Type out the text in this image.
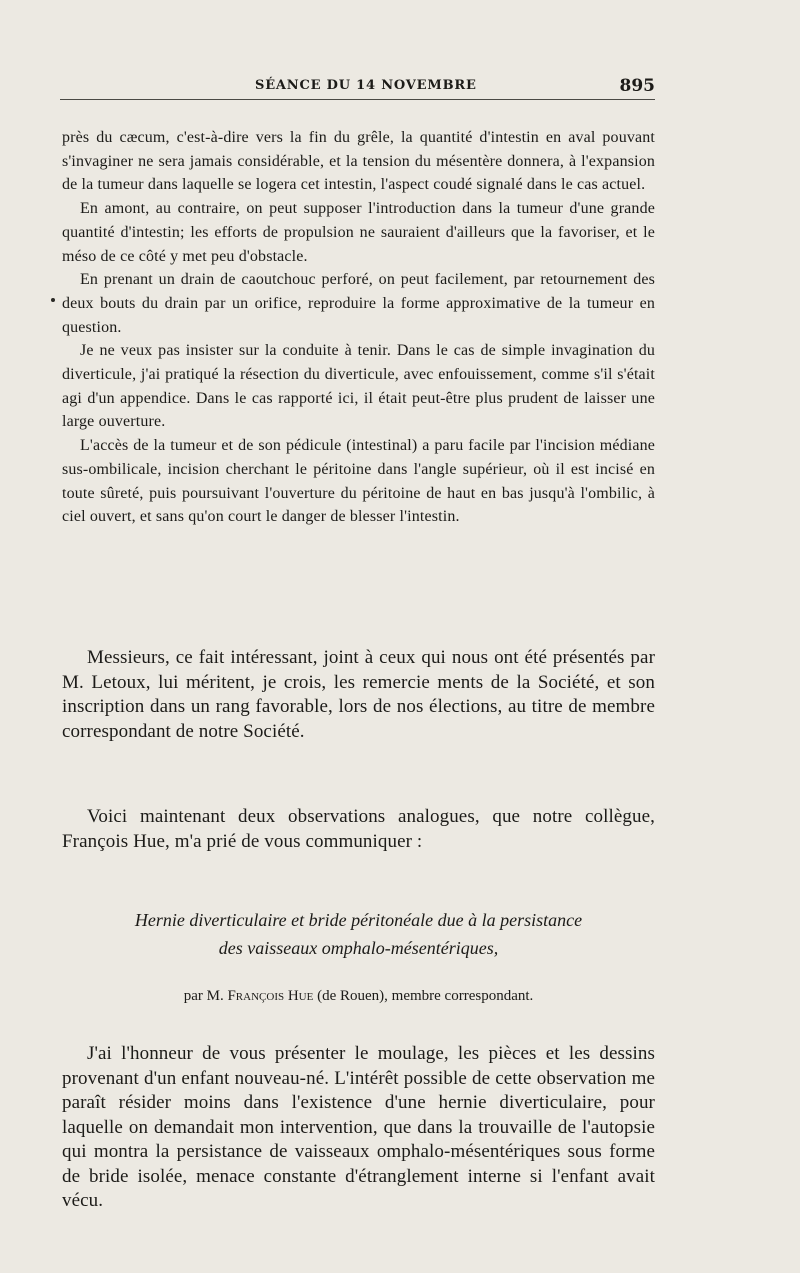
SÉANCE DU 14 NOVEMBRE	895

près du cæcum, c'est-à-dire vers la fin du grêle, la quantité d'intestin en aval pouvant s'invaginer ne sera jamais considérable, et la tension du mésentère donnera, à l'expansion de la tumeur dans laquelle se logera cet intestin, l'aspect coudé signalé dans le cas actuel.

En amont, au contraire, on peut supposer l'introduction dans la tumeur d'une grande quantité d'intestin; les efforts de propulsion ne sauraient d'ailleurs que la favoriser, et le méso de ce côté y met peu d'obstacle.

En prenant un drain de caoutchouc perforé, on peut facilement, par retournement des deux bouts du drain par un orifice, reproduire la forme approximative de la tumeur en question.

Je ne veux pas insister sur la conduite à tenir. Dans le cas de simple invagination du diverticule, j'ai pratiqué la résection du diverticule, avec enfouissement, comme s'il s'était agi d'un appendice. Dans le cas rapporté ici, il était peut-être plus prudent de laisser une large ouverture.

L'accès de la tumeur et de son pédicule (intestinal) a paru facile par l'incision médiane sus-ombilicale, incision cherchant le péritoine dans l'angle supérieur, où il est incisé en toute sûreté, puis poursuivant l'ouverture du péritoine de haut en bas jusqu'à l'ombilic, à ciel ouvert, et sans qu'on court le danger de blesser l'intestin.

Messieurs, ce fait intéressant, joint à ceux qui nous ont été présentés par M. Letoux, lui méritent, je crois, les remercie ments de la Société, et son inscription dans un rang favorable, lors de nos élections, au titre de membre correspondant de notre Société.

Voici maintenant deux observations analogues, que notre collègue, François Hue, m'a prié de vous communiquer :

Hernie diverticulaire et bride péritonéale due à la persistance
des vaisseaux omphalo-mésentériques,
par M. François Hue (de Rouen), membre correspondant.

J'ai l'honneur de vous présenter le moulage, les pièces et les dessins provenant d'un enfant nouveau-né. L'intérêt possible de cette observation me paraît résider moins dans l'existence d'une hernie diverticulaire, pour laquelle on demandait mon intervention, que dans la trouvaille de l'autopsie qui montra la persistance de vaisseaux omphalo-mésentériques sous forme de bride isolée, menace constante d'étranglement interne si l'enfant avait vécu.
